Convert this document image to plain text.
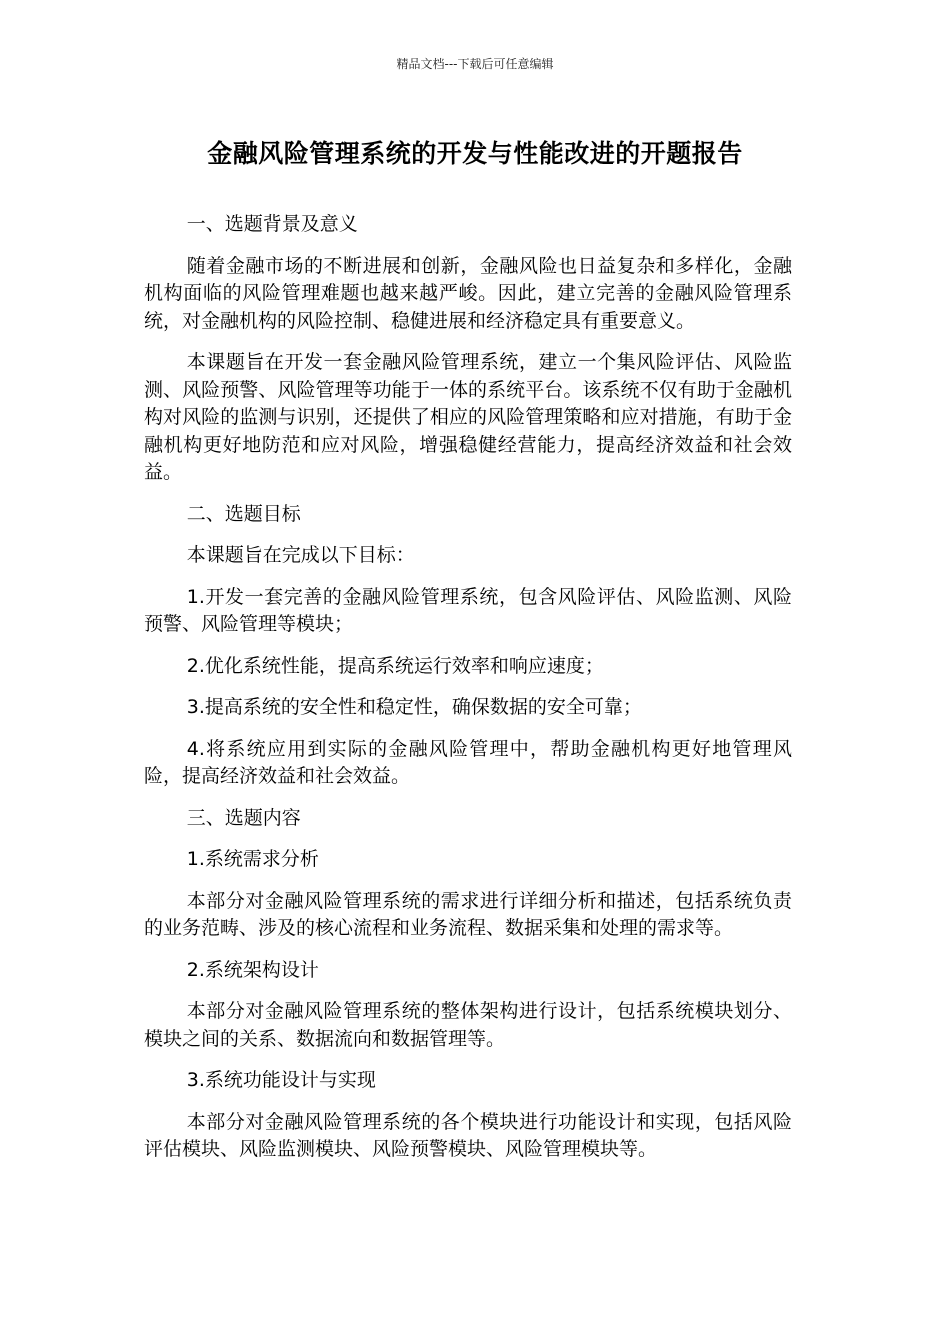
精品文档---下载后可任意编辑
金融风险管理系统的开发与性能改进的开题报告

一、选题背景及意义

随着金融市场的不断进展和创新，金融风险也日益复杂和多样化，金融机构面临的风险管理难题也越来越严峻。因此，建立完善的金融风险管理系统，对金融机构的风险控制、稳健进展和经济稳定具有重要意义。

本课题旨在开发一套金融风险管理系统，建立一个集风险评估、风险监测、风险预警、风险管理等功能于一体的系统平台。该系统不仅有助于金融机构对风险的监测与识别，还提供了相应的风险管理策略和应对措施，有助于金融机构更好地防范和应对风险，增强稳健经营能力，提高经济效益和社会效益。

二、选题目标

本课题旨在完成以下目标：

1.开发一套完善的金融风险管理系统，包含风险评估、风险监测、风险预警、风险管理等模块；

2.优化系统性能，提高系统运行效率和响应速度；

3.提高系统的安全性和稳定性，确保数据的安全可靠；

4.将系统应用到实际的金融风险管理中，帮助金融机构更好地管理风险，提高经济效益和社会效益。

三、选题内容

1.系统需求分析

本部分对金融风险管理系统的需求进行详细分析和描述，包括系统负责的业务范畴、涉及的核心流程和业务流程、数据采集和处理的需求等。

2.系统架构设计

本部分对金融风险管理系统的整体架构进行设计，包括系统模块划分、模块之间的关系、数据流向和数据管理等。

3.系统功能设计与实现

本部分对金融风险管理系统的各个模块进行功能设计和实现，包括风险评估模块、风险监测模块、风险预警模块、风险管理模块等。
